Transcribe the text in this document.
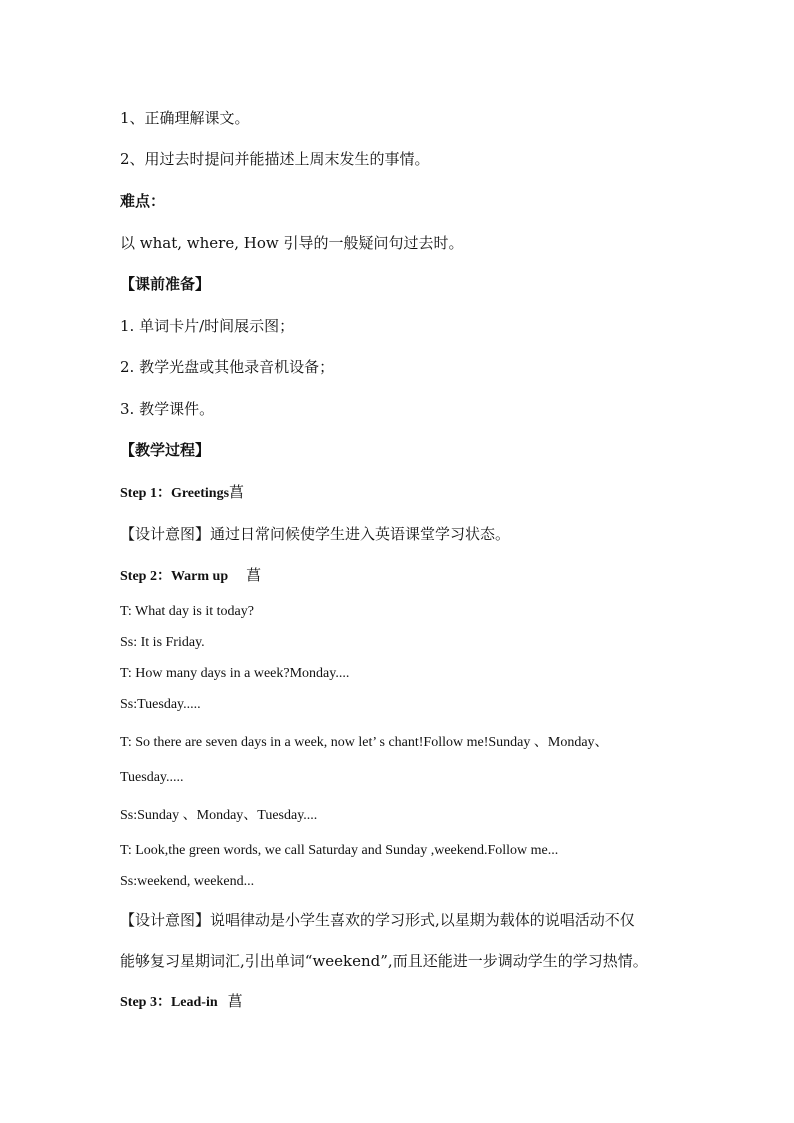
1、正确理解课文。
2、用过去时提问并能描述上周末发生的事情。
难点：
以 what, where, How 引导的一般疑问句过去时。
【课前准备】
1. 单词卡片/时间展示图；
2. 教学光盘或其他录音机设备；
3. 教学课件。
【教学过程】
Step 1：Greetings菖
【设计意图】通过日常问候使学生进入英语课堂学习状态。
Step 2：Warm up 菖
T: What day is it today?
Ss: It is Friday.
T: How many days in a week?Monday....
Ss:Tuesday.....
T: So there are seven days in a week, now let’ s chant!Follow me!Sunday 、Monday、
Tuesday.....
Ss:Sunday 、Monday、Tuesday....
T: Look,the green words, we call Saturday and Sunday ,weekend.Follow me...
Ss:weekend, weekend...
【设计意图】说唱律动是小学生喜欢的学习形式,以星期为载体的说唱活动不仅
能够复习星期词汇,引出单词“weekend”,而且还能进一步调动学生的学习热情。
Step 3：Lead-in 菖
